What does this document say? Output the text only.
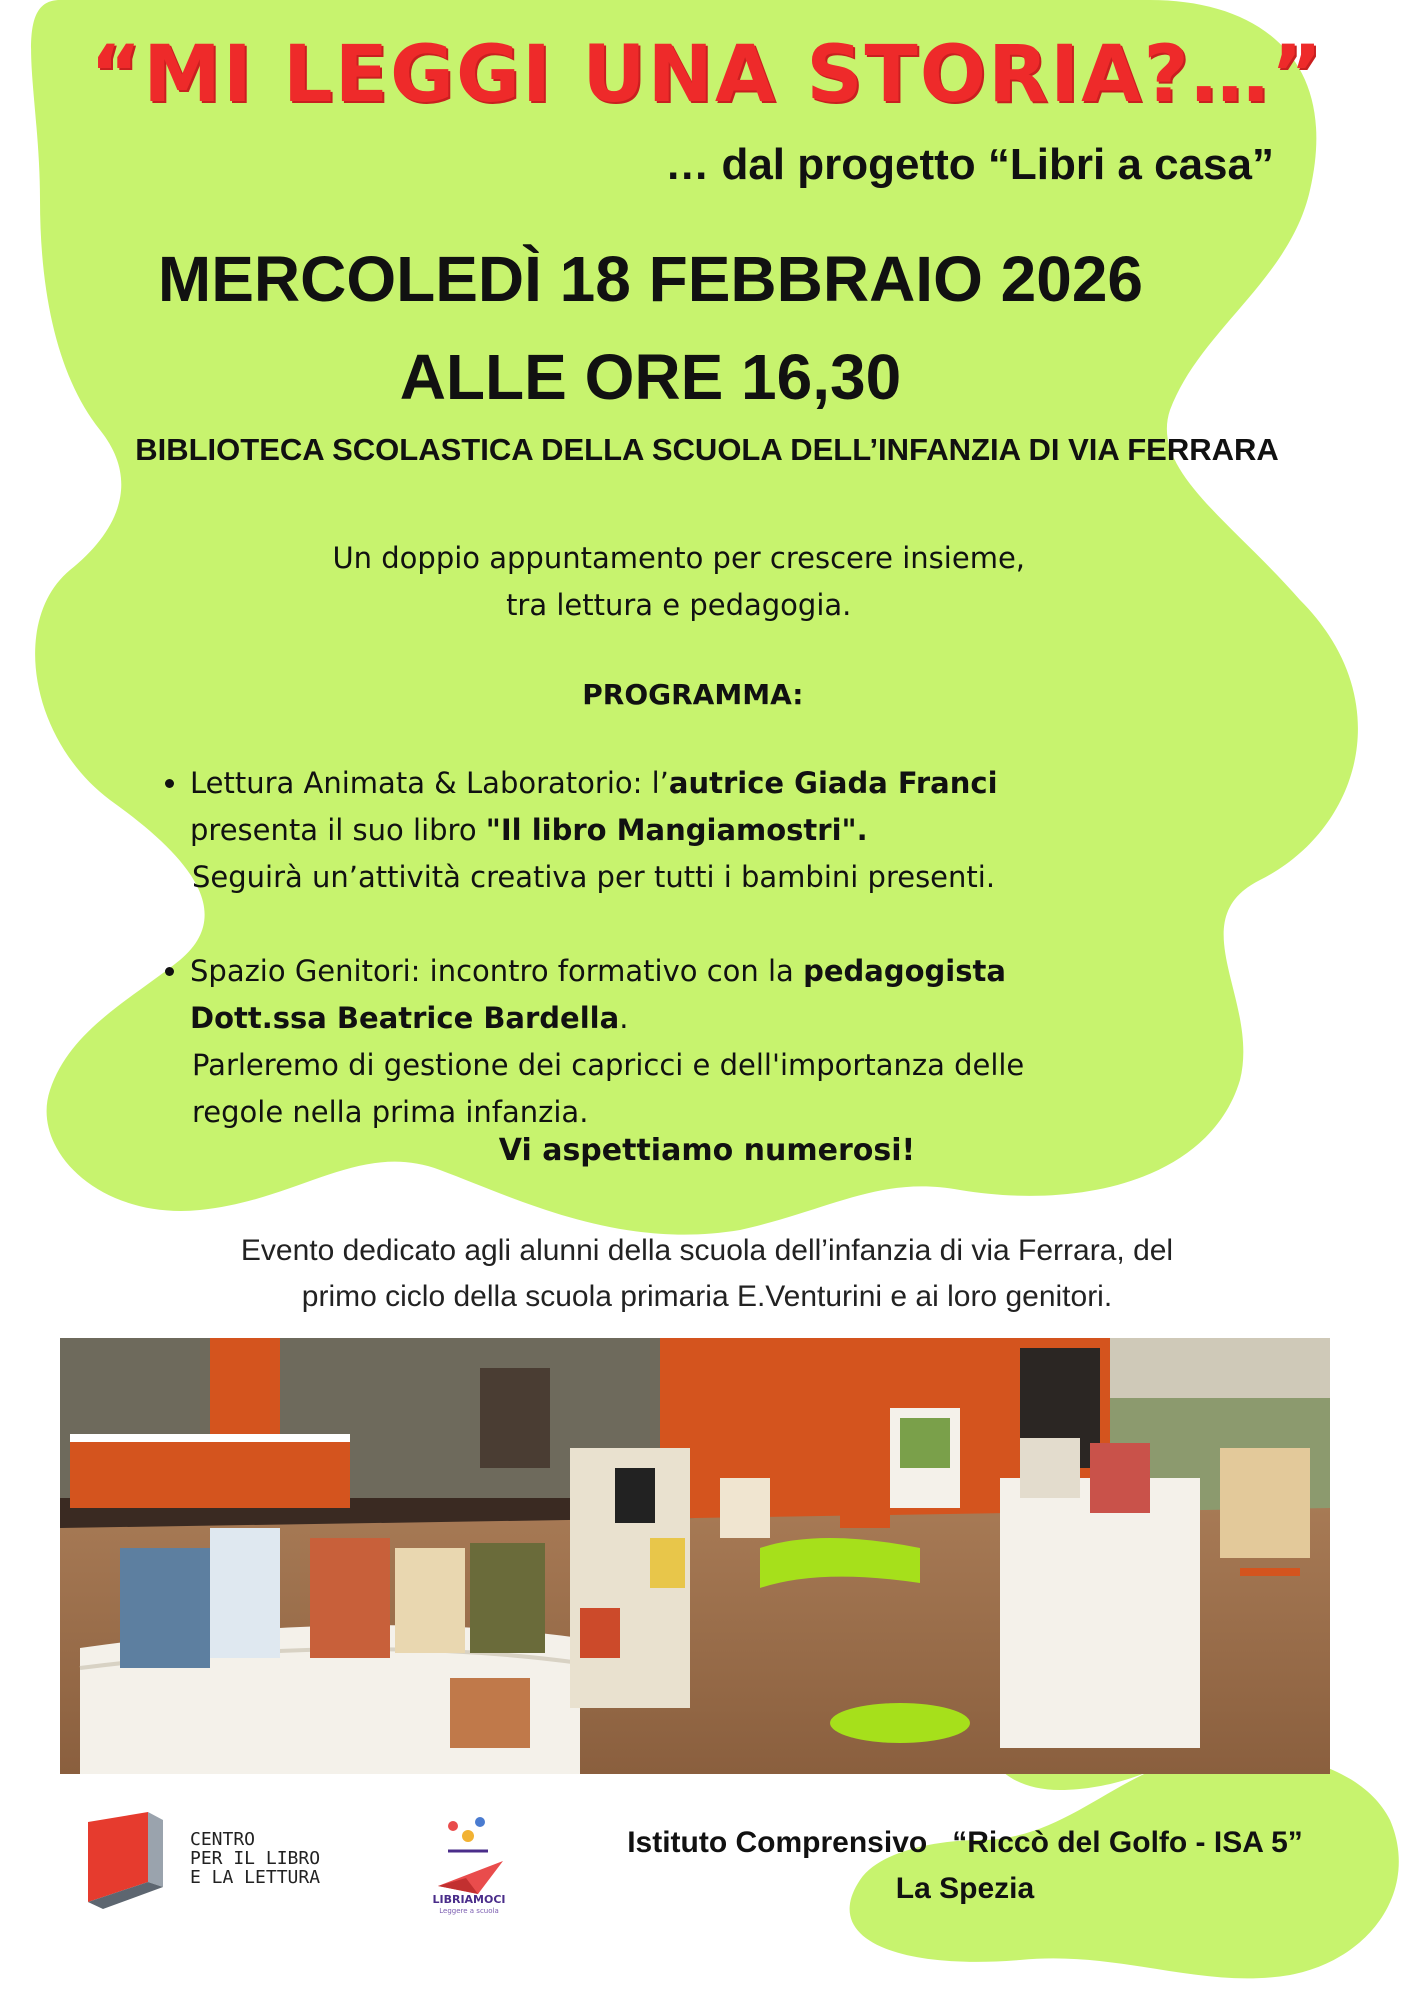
“MI LEGGI UNA STORIA?…”
… dal progetto “Libri a casa”
MERCOLEDÌ 18 FEBBRAIO 2026
ALLE ORE 16,30
BIBLIOTECA SCOLASTICA DELLA SCUOLA DELL’INFANZIA DI VIA FERRARA
Un doppio appuntamento per crescere insieme,
tra lettura e pedagogia.
PROGRAMMA:
• Lettura Animata & Laboratorio: l’autrice Giada Franci
presenta il suo libro "Il libro Mangiamostri".
Seguirà un’attività creativa per tutti i bambini presenti.
• Spazio Genitori: incontro formativo con la pedagogista
Dott.ssa Beatrice Bardella.
Parleremo di gestione dei capricci e dell'importanza delle
regole nella prima infanzia.
Vi aspettiamo numerosi!
Evento dedicato agli alunni della scuola dell’infanzia di via Ferrara, del
primo ciclo della scuola primaria E.Venturini e ai loro genitori.
CENTRO
PER IL LIBRO
E LA LETTURA
LIBRIAMOCI
Leggere a scuola
Istituto Comprensivo   “Riccò del Golfo - ISA 5”
La Spezia
